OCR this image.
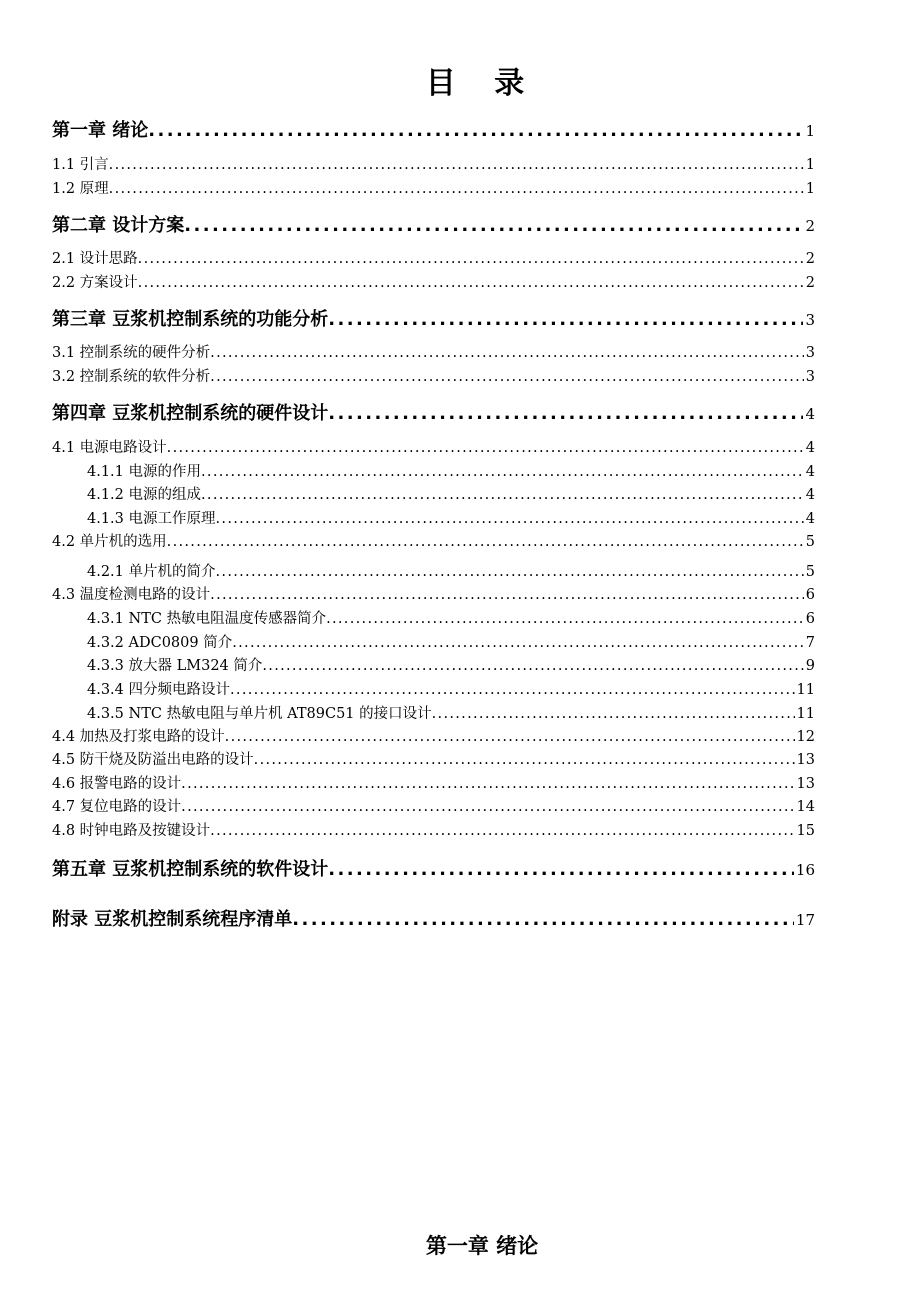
目 录
第一章 绪论 .....	1
1.1 引言 .....	1
1.2 原理 .....	1
第二章 设计方案 .....	2
2.1 设计思路 .....	2
2.2 方案设计 .....	2
第三章 豆浆机控制系统的功能分析 .....	3
3.1 控制系统的硬件分析 .....	3
3.2 控制系统的软件分析 .....	3
第四章 豆浆机控制系统的硬件设计 .....	4
4.1 电源电路设计 .....	4
4.1.1 电源的作用 .....	4
4.1.2 电源的组成 .....	4
4.1.3 电源工作原理 .....	4
4.2 单片机的选用 .....	5
4.2.1 单片机的简介 .....	5
4.3 温度检测电路的设计 .....	6
4.3.1 NTC 热敏电阻温度传感器简介 .....	6
4.3.2 ADC0809 简介 .....	7
4.3.3 放大器 LM324 简介 .....	9
4.3.4 四分频电路设计 .....	11
4.3.5 NTC 热敏电阻与单片机 AT89C51 的接口设计 .....	11
4.4 加热及打浆电路的设计 .....	12
4.5 防干烧及防溢出电路的设计 .....	13
4.6 报警电路的设计 .....	13
4.7 复位电路的设计 .....	14
4.8 时钟电路及按键设计 .....	15
第五章 豆浆机控制系统的软件设计 .....	16
附录 豆浆机控制系统程序清单 .....	17
第一章 绪论
